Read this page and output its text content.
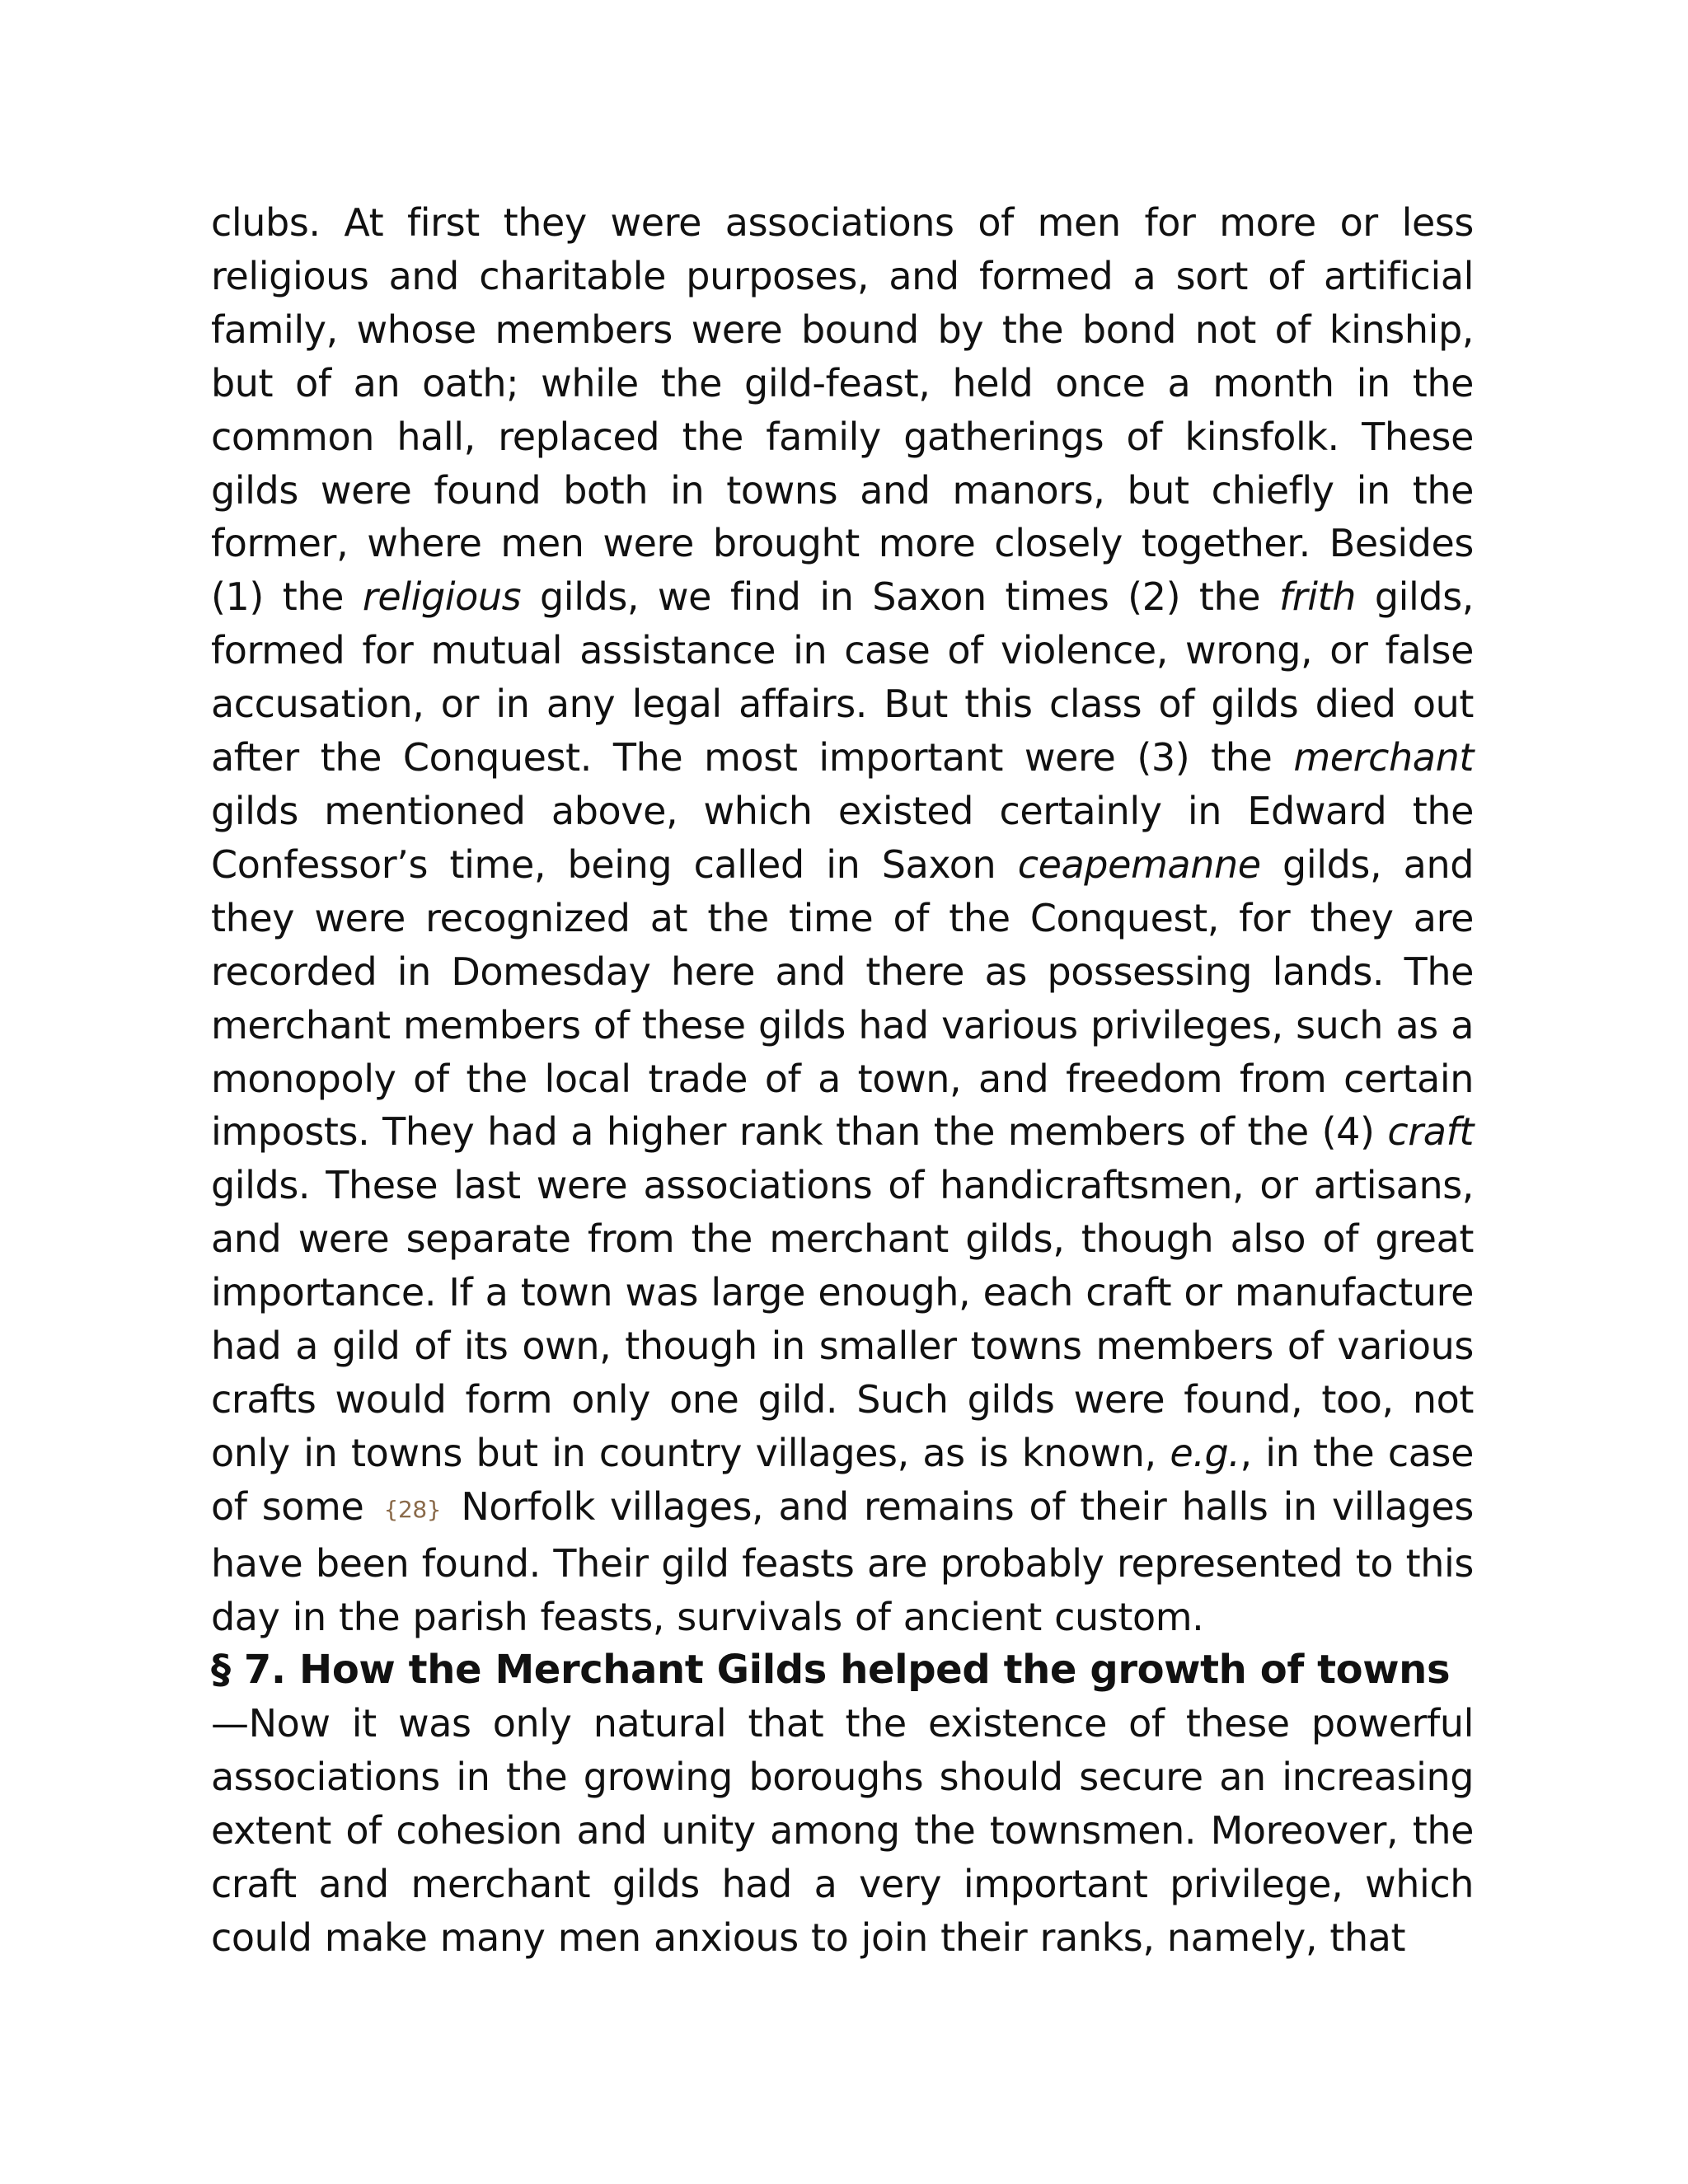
clubs. At first they were associations of men for more or less religious and charitable purposes, and formed a sort of artificial family, whose members were bound by the bond not of kinship, but of an oath; while the gild-feast, held once a month in the common hall, replaced the family gatherings of kinsfolk. These gilds were found both in towns and manors, but chiefly in the former, where men were brought more closely together. Besides (1) the religious gilds, we find in Saxon times (2) the frith gilds, formed for mutual assistance in case of violence, wrong, or false accusation, or in any legal affairs. But this class of gilds died out after the Conquest. The most important were (3) the merchant gilds mentioned above, which existed certainly in Edward the Confessor’s time, being called in Saxon ceapemanne gilds, and they were recognized at the time of the Conquest, for they are recorded in Domesday here and there as possessing lands. The merchant members of these gilds had various privileges, such as a monopoly of the local trade of a town, and freedom from certain imposts. They had a higher rank than the members of the (4) craft gilds. These last were associations of handicraftsmen, or artisans, and were separate from the merchant gilds, though also of great importance. If a town was large enough, each craft or manufacture had a gild of its own, though in smaller towns members of various crafts would form only one gild. Such gilds were found, too, not only in towns but in country villages, as is known, e.g., in the case of some {28} Norfolk villages, and remains of their halls in villages have been found. Their gild feasts are probably represented to this day in the parish feasts, survivals of ancient custom.

§ 7. How the Merchant Gilds helped the growth of towns

—Now it was only natural that the existence of these powerful associations in the growing boroughs should secure an increasing extent of cohesion and unity among the townsmen. Moreover, the craft and merchant gilds had a very important privilege, which could make many men anxious to join their ranks, namely, that
